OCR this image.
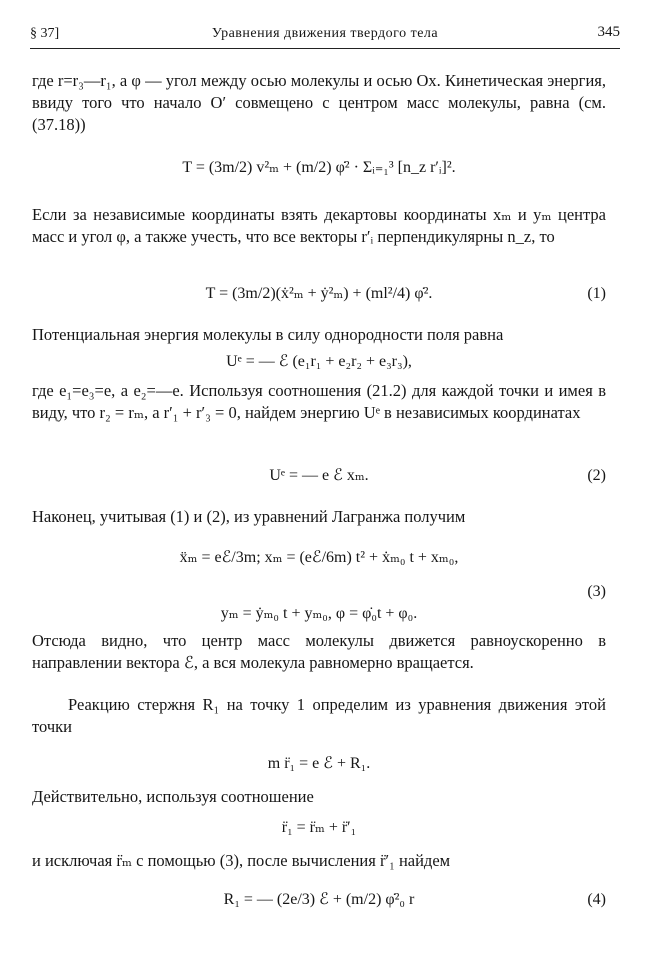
§ 37]	Уравнения движения твердого тела	345

где r=r₃—r₁, а φ — угол между осью молекулы и осью Ox. Кинетическая энергия, ввиду того что начало O′ совмещено с центром масс молекулы, равна (см. (37.18))

T = (3m/2) v²ₘ + (m/2) φ̇² · Σᵢ₌₁³ [n_z r′ᵢ]².

Если за независимые координаты взять декартовы координаты xₘ и yₘ центра масс и угол φ, а также учесть, что все векторы r′ᵢ перпендикулярны n_z, то

T = (3m/2)(ẋ²ₘ + ẏ²ₘ) + (ml²/4) φ̇².	(1)

Потенциальная энергия молекулы в силу однородности поля равна

Uᵉ = — ℰ (e₁r₁ + e₂r₂ + e₃r₃),

где e₁=e₃=e, а e₂=—e. Используя соотношения (21.2) для каждой точки и имея в виду, что r₂ = rₘ, а r′₁ + r′₃ = 0, найдем энергию Uᵉ в независимых координатах

Uᵉ = — e ℰ xₘ.	(2)

Наконец, учитывая (1) и (2), из уравнений Лагранжа получим

ẍₘ = eℰ/3m; xₘ = (eℰ/6m) t² + ẋₘ₀ t + xₘ₀,
(3)
yₘ = ẏₘ₀ t + yₘ₀, φ = φ̇₀t + φ₀.

Отсюда видно, что центр масс молекулы движется равноускоренно в направлении вектора ℰ, а вся молекула равномерно вращается.

Реакцию стержня R₁ на точку 1 определим из уравнения движения этой точки

m r̈₁ = e ℰ + R₁.

Действительно, используя соотношение

r̈₁ = r̈ₘ + r̈′₁

и исключая r̈ₘ с помощью (3), после вычисления r̈′₁ найдем

R₁ = — (2e/3) ℰ + (m/2) φ̇²₀ r	(4)
